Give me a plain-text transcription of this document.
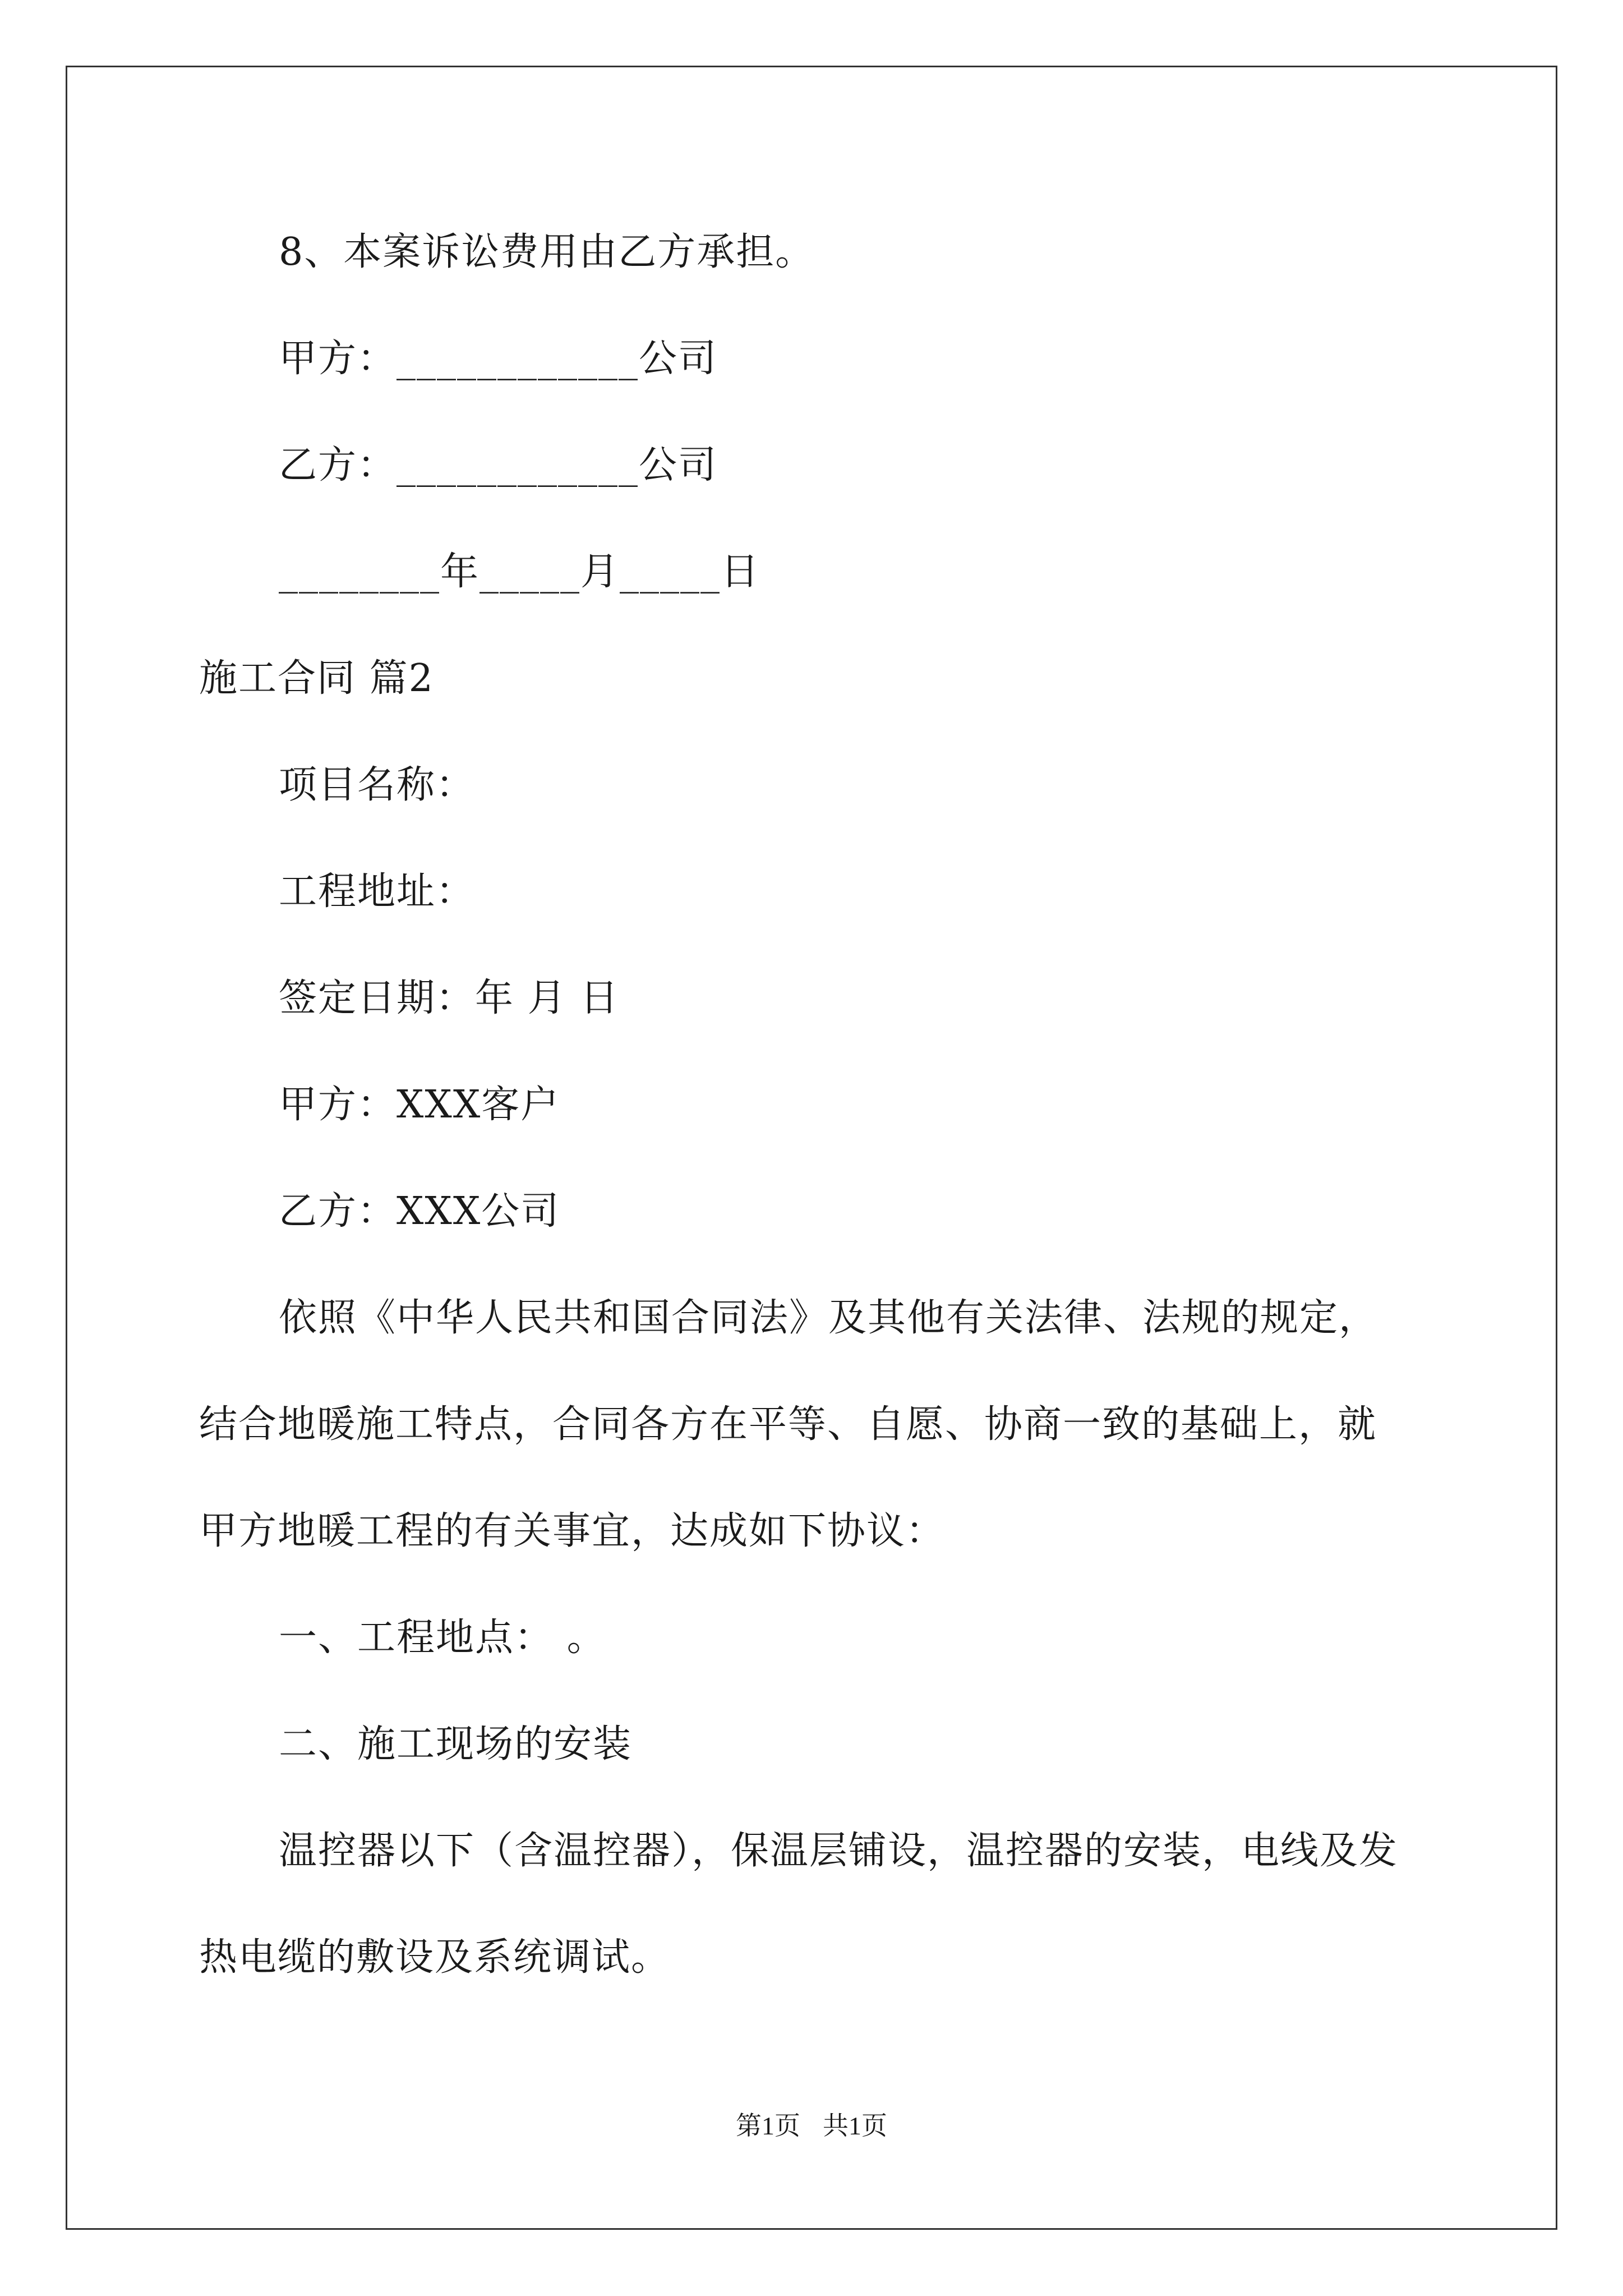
8、本案诉讼费用由乙方承担。
甲方：____________公司
乙方：____________公司
________年_____月_____日
施工合同 篇2
项目名称：
工程地址：
签定日期：年 月 日
甲方：XXX客户
乙方：XXX公司
依照《中华人民共和国合同法》及其他有关法律、法规的规定，
结合地暖施工特点，合同各方在平等、自愿、协商一致的基础上，就
甲方地暖工程的有关事宜，达成如下协议：
一、工程地点： 。
二、施工现场的安装
温控器以下（含温控器），保温层铺设，温控器的安装，电线及发
热电缆的敷设及系统调试。
第1页 共1页
